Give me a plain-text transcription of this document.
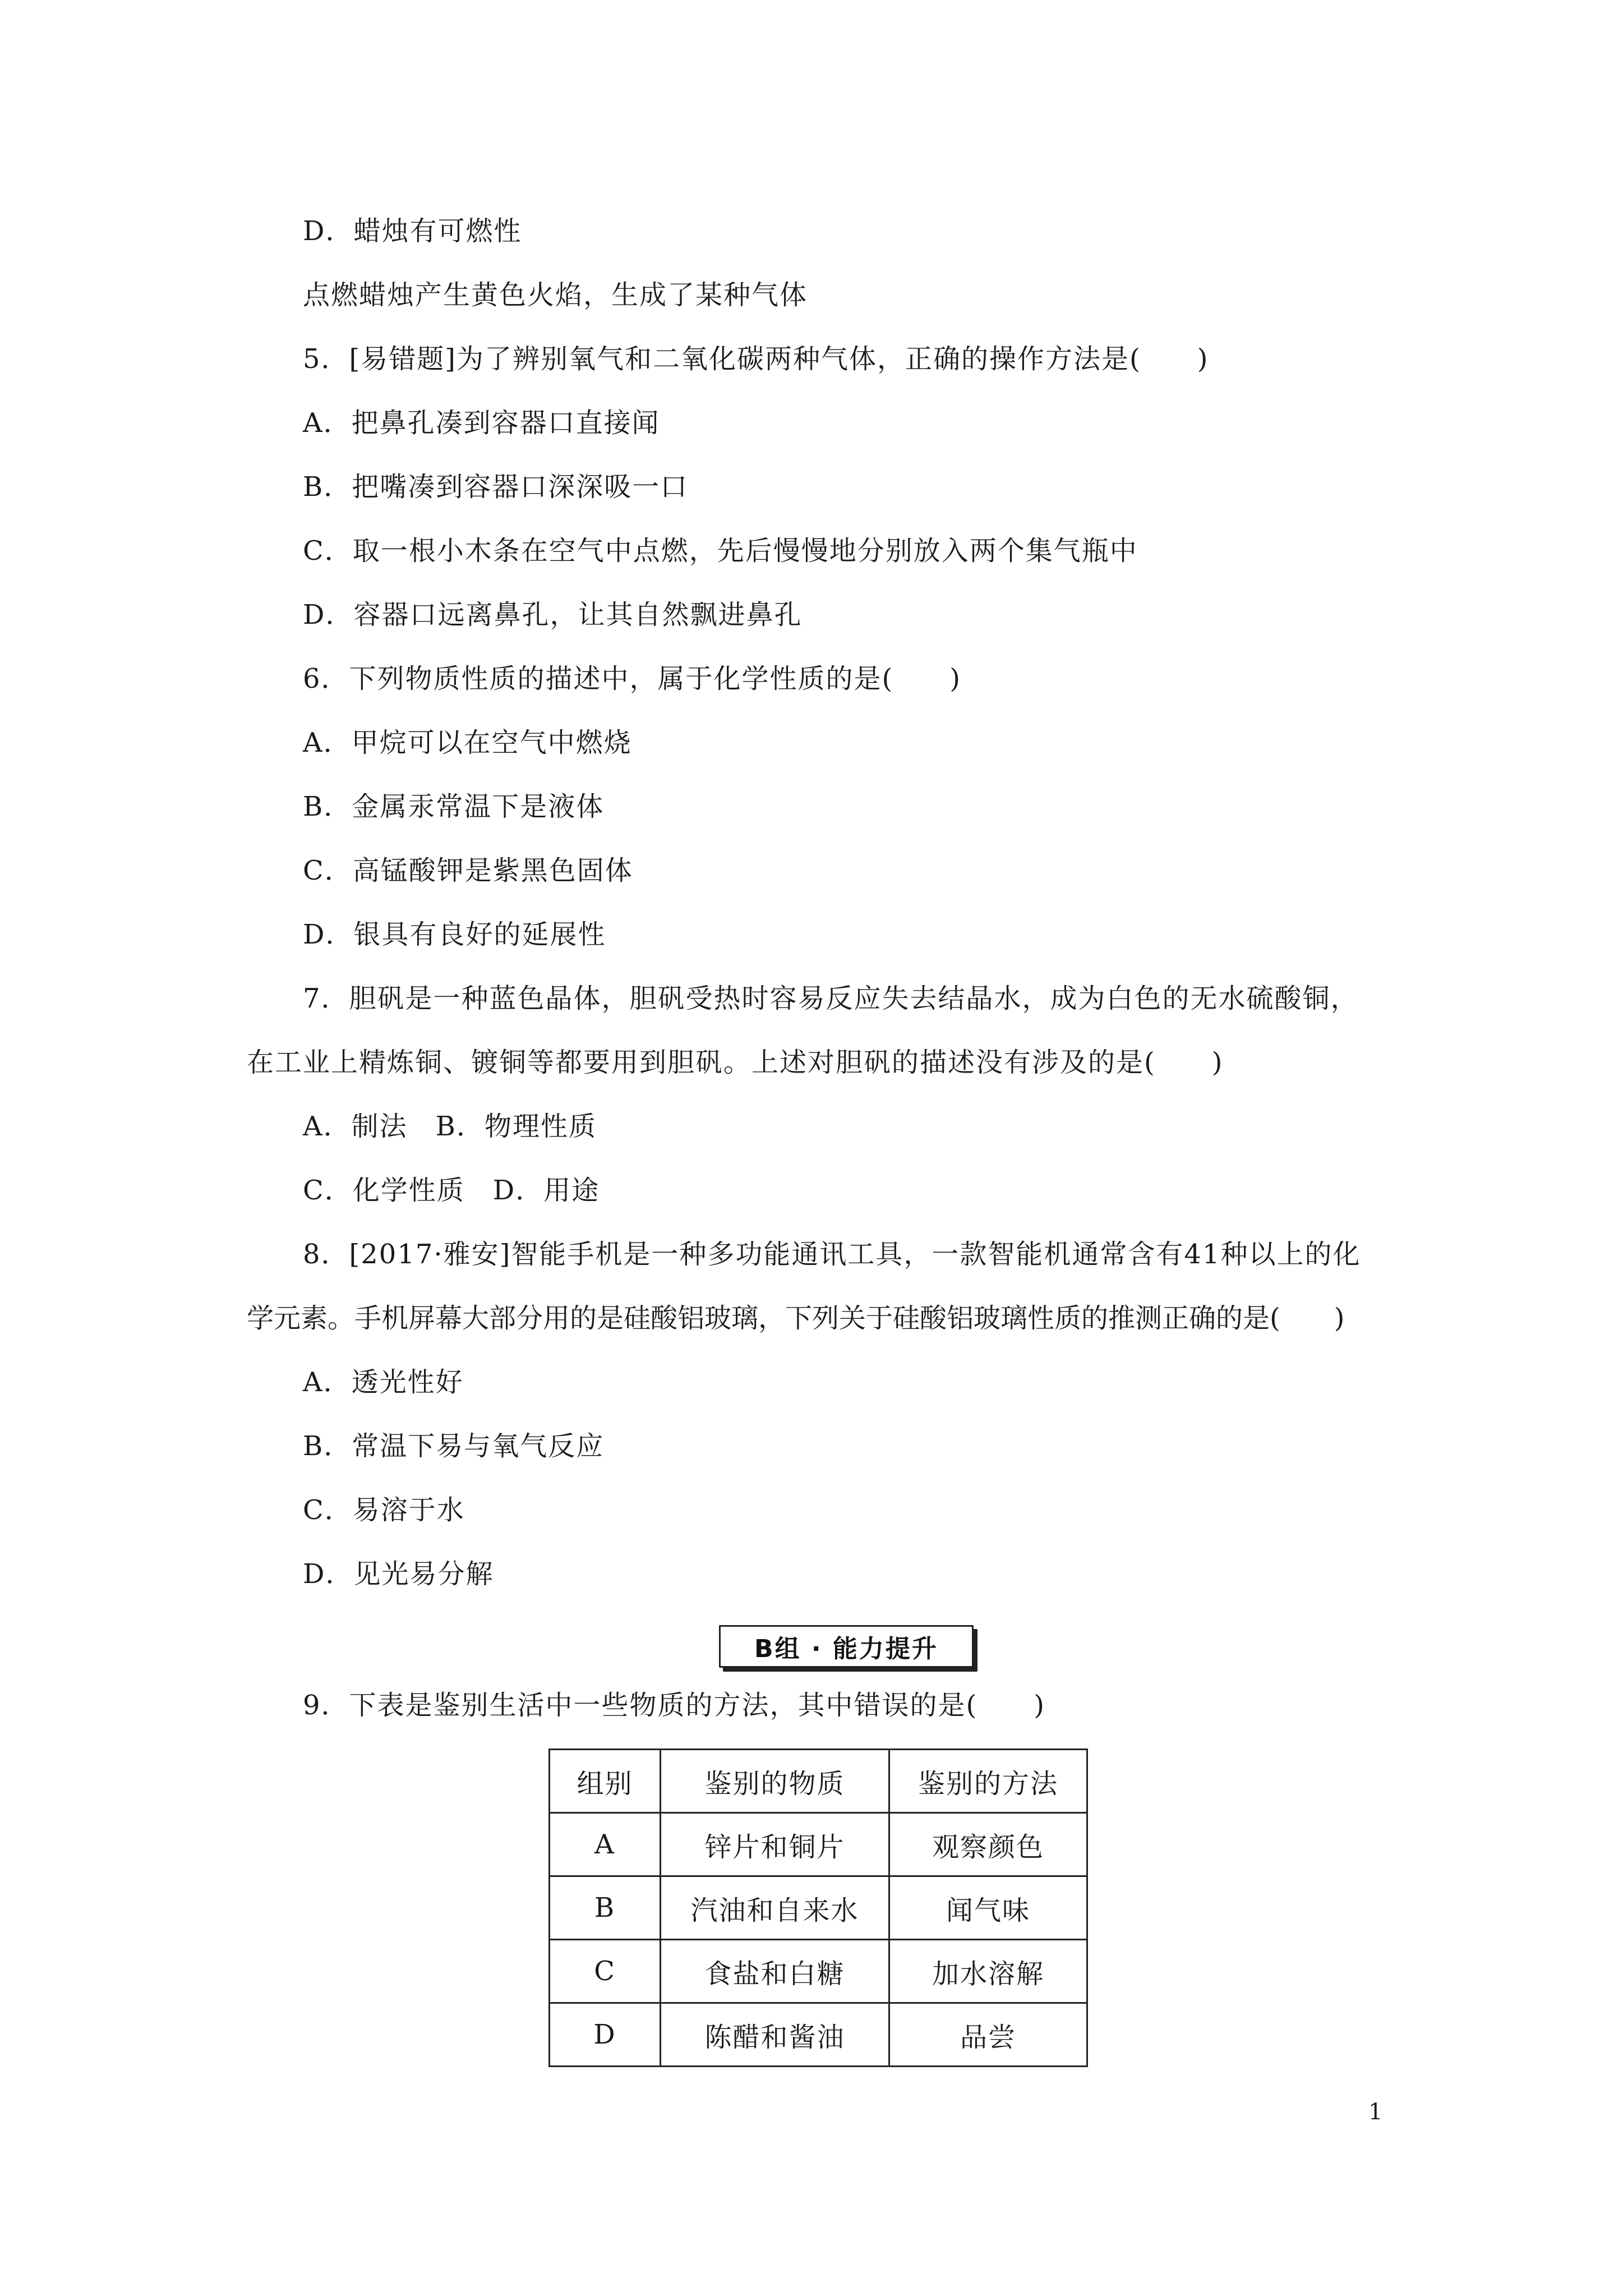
D．蜡烛有可燃性
点燃蜡烛产生黄色火焰，生成了某种气体
5．[易错题]为了辨别氧气和二氧化碳两种气体，正确的操作方法是(　　)
A．把鼻孔凑到容器口直接闻
B．把嘴凑到容器口深深吸一口
C．取一根小木条在空气中点燃，先后慢慢地分别放入两个集气瓶中
D．容器口远离鼻孔，让其自然飘进鼻孔
6．下列物质性质的描述中，属于化学性质的是(　　)
A．甲烷可以在空气中燃烧
B．金属汞常温下是液体
C．高锰酸钾是紫黑色固体
D．银具有良好的延展性
7．胆矾是一种蓝色晶体，胆矾受热时容易反应失去结晶水，成为白色的无水硫酸铜，
在工业上精炼铜、镀铜等都要用到胆矾。上述对胆矾的描述没有涉及的是(　　)
A．制法　B．物理性质
C．化学性质　D．用途
8．[2017·雅安]智能手机是一种多功能通讯工具，一款智能机通常含有41种以上的化
学元素。手机屏幕大部分用的是硅酸铝玻璃，下列关于硅酸铝玻璃性质的推测正确的是(　　)
A．透光性好
B．常温下易与氧气反应
C．易溶于水
D．见光易分解
B组 · 能力提升
9．下表是鉴别生活中一些物质的方法，其中错误的是(　　)
组别	鉴别的物质	鉴别的方法
A	锌片和铜片	观察颜色
B	汽油和自来水	闻气味
C	食盐和白糖	加水溶解
D	陈醋和酱油	品尝
1
